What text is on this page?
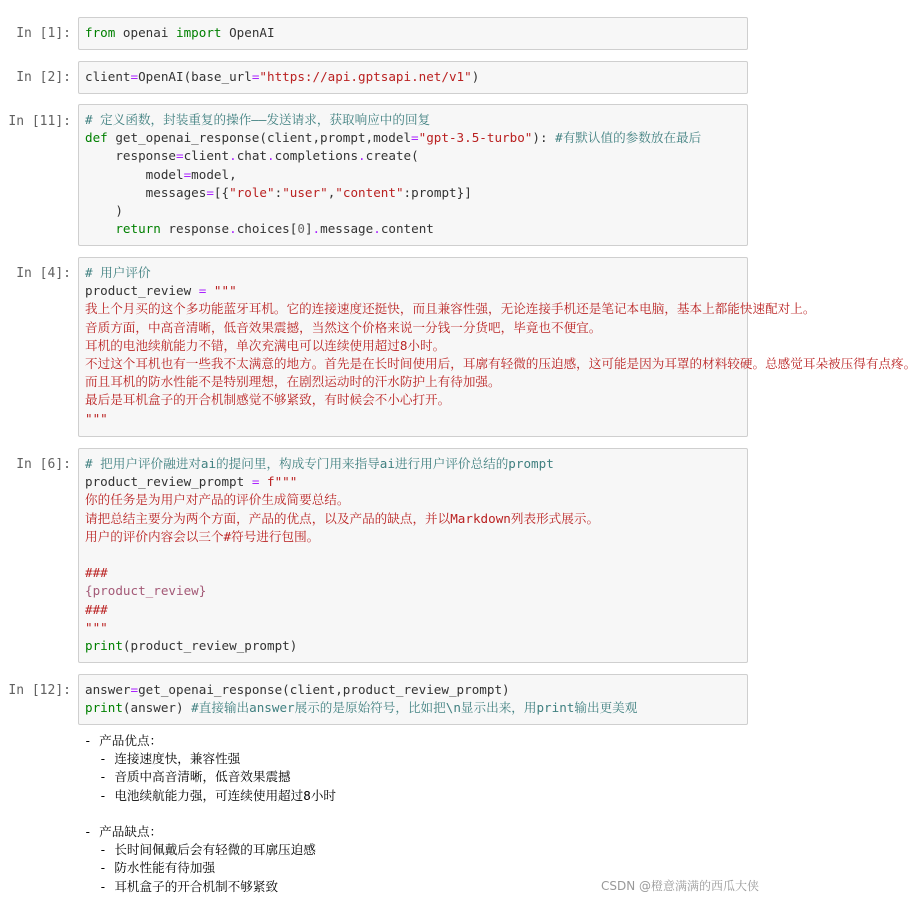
In [1]:	from openai import OpenAI
In [2]:	client=OpenAI(base_url="https://api.gptsapi.net/v1")
In [11]:	# 定义函数，封装重复的操作——发送请求，获取响应中的回复
def get_openai_response(client,prompt,model="gpt-3.5-turbo"): #有默认值的参数放在最后
response=client.chat.completions.create(
model=model,
messages=[{"role":"user","content":prompt}]
)
return response.choices[0].message.content
In [4]:	# 用户评价
product_review = """
我上个月买的这个多功能蓝牙耳机。它的连接速度还挺快，而且兼容性强，无论连接手机还是笔记本电脑，基本上都能快速配对上。
音质方面，中高音清晰，低音效果震撼，当然这个价格来说一分钱一分货吧，毕竟也不便宜。
耳机的电池续航能力不错，单次充满电可以连续使用超过8小时。
不过这个耳机也有一些我不太满意的地方。首先是在长时间使用后，耳廓有轻微的压迫感，这可能是因为耳罩的材料较硬。总感觉耳朵被压得有点疼。
而且耳机的防水性能不是特别理想，在剧烈运动时的汗水防护上有待加强。
最后是耳机盒子的开合机制感觉不够紧致，有时候会不小心打开。
"""
In [6]:	# 把用户评价融进对ai的提问里，构成专门用来指导ai进行用户评价总结的prompt
product_review_prompt = f"""
你的任务是为用户对产品的评价生成简要总结。
请把总结主要分为两个方面，产品的优点，以及产品的缺点，并以Markdown列表形式展示。
用户的评价内容会以三个#符号进行包围。

###
{product_review}
###
"""
print(product_review_prompt)
In [12]:	answer=get_openai_response(client,product_review_prompt)
print(answer) #直接输出answer展示的是原始符号，比如把\n显示出来，用print输出更美观
- 产品优点：
- 连接速度快，兼容性强
- 音质中高音清晰，低音效果震撼
- 电池续航能力强，可连续使用超过8小时

- 产品缺点：
- 长时间佩戴后会有轻微的耳廓压迫感
- 防水性能有待加强
- 耳机盒子的开合机制不够紧致	CSDN @橙意满满的西瓜大侠
